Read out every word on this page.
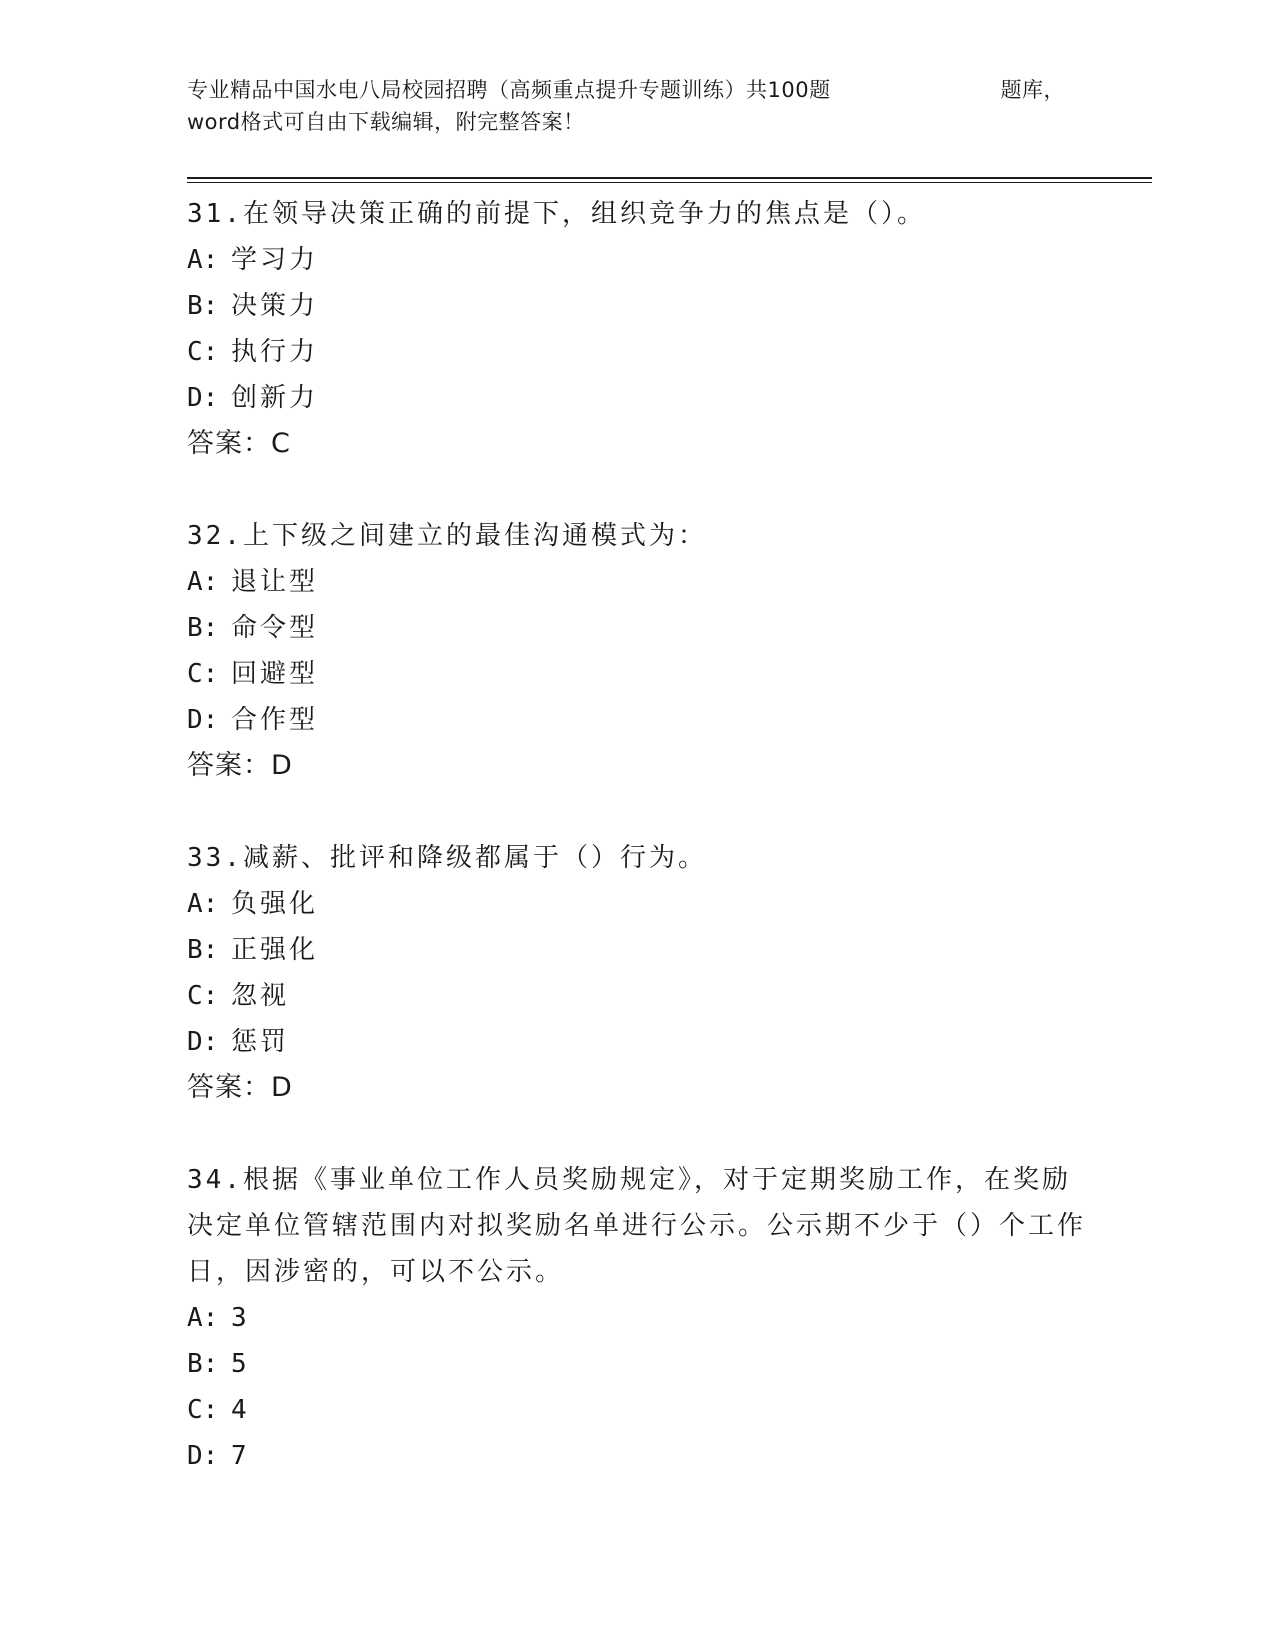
专业精品中国水电八局校园招聘（高频重点提升专题训练）共100题	题库，
word格式可自由下载编辑，附完整答案！
31.在领导决策正确的前提下，组织竞争力的焦点是（）。
A: 学习力
B: 决策力
C: 执行力
D: 创新力
答案：C
32.上下级之间建立的最佳沟通模式为：
A: 退让型
B: 命令型
C: 回避型
D: 合作型
答案：D
33.减薪、批评和降级都属于（）行为。
A: 负强化
B: 正强化
C: 忽视
D: 惩罚
答案：D
34.根据《事业单位工作人员奖励规定》，对于定期奖励工作，在奖励决定单位管辖范围内对拟奖励名单进行公示。公示期不少于（）个工作日，因涉密的，可以不公示。
A: 3
B: 5
C: 4
D: 7
